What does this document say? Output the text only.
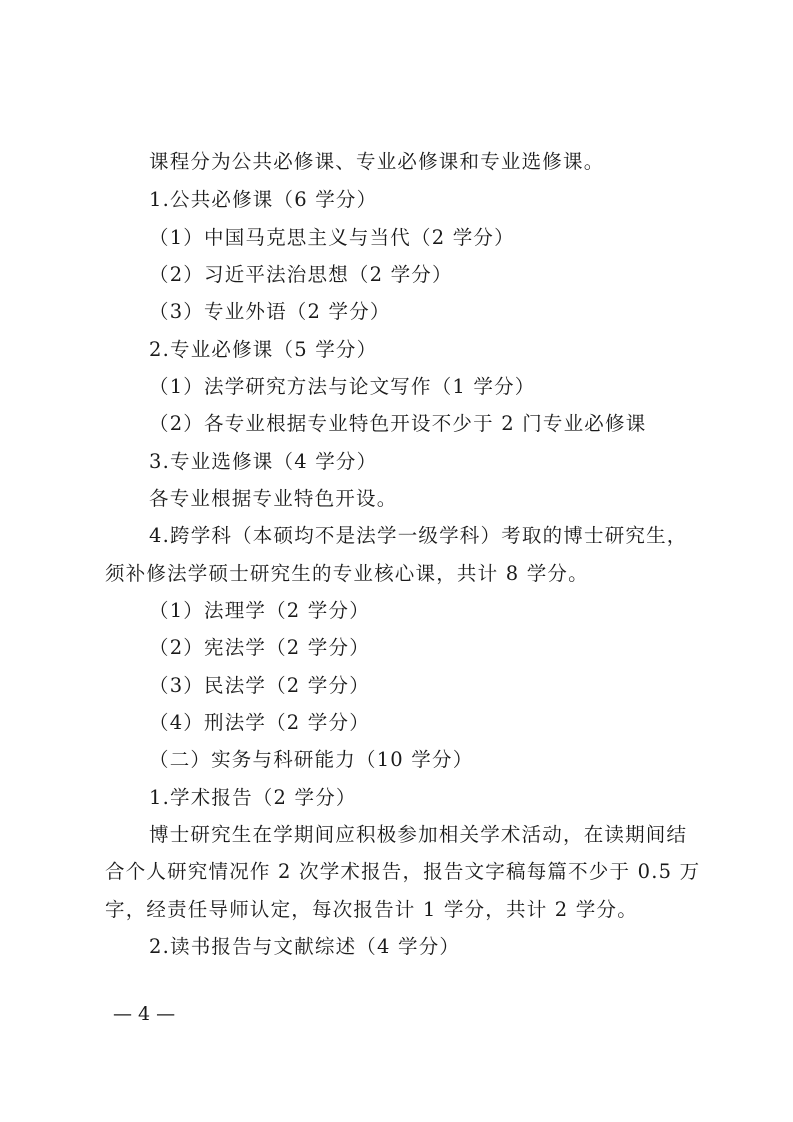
课程分为公共必修课、专业必修课和专业选修课。
1.公共必修课（6 学分）
（1）中国马克思主义与当代（2 学分）
（2）习近平法治思想（2 学分）
（3）专业外语（2 学分）
2.专业必修课（5 学分）
（1）法学研究方法与论文写作（1 学分）
（2）各专业根据专业特色开设不少于 2 门专业必修课
3.专业选修课（4 学分）
各专业根据专业特色开设。
4.跨学科（本硕均不是法学一级学科）考取的博士研究生，
须补修法学硕士研究生的专业核心课，共计 8 学分。
（1）法理学（2 学分）
（2）宪法学（2 学分）
（3）民法学（2 学分）
（4）刑法学（2 学分）
（二）实务与科研能力（10 学分）
1.学术报告（2 学分）
博士研究生在学期间应积极参加相关学术活动，在读期间结
合个人研究情况作 2 次学术报告，报告文字稿每篇不少于 0.5 万
字，经责任导师认定，每次报告计 1 学分，共计 2 学分。
2.读书报告与文献综述（4 学分）
— 4 —
